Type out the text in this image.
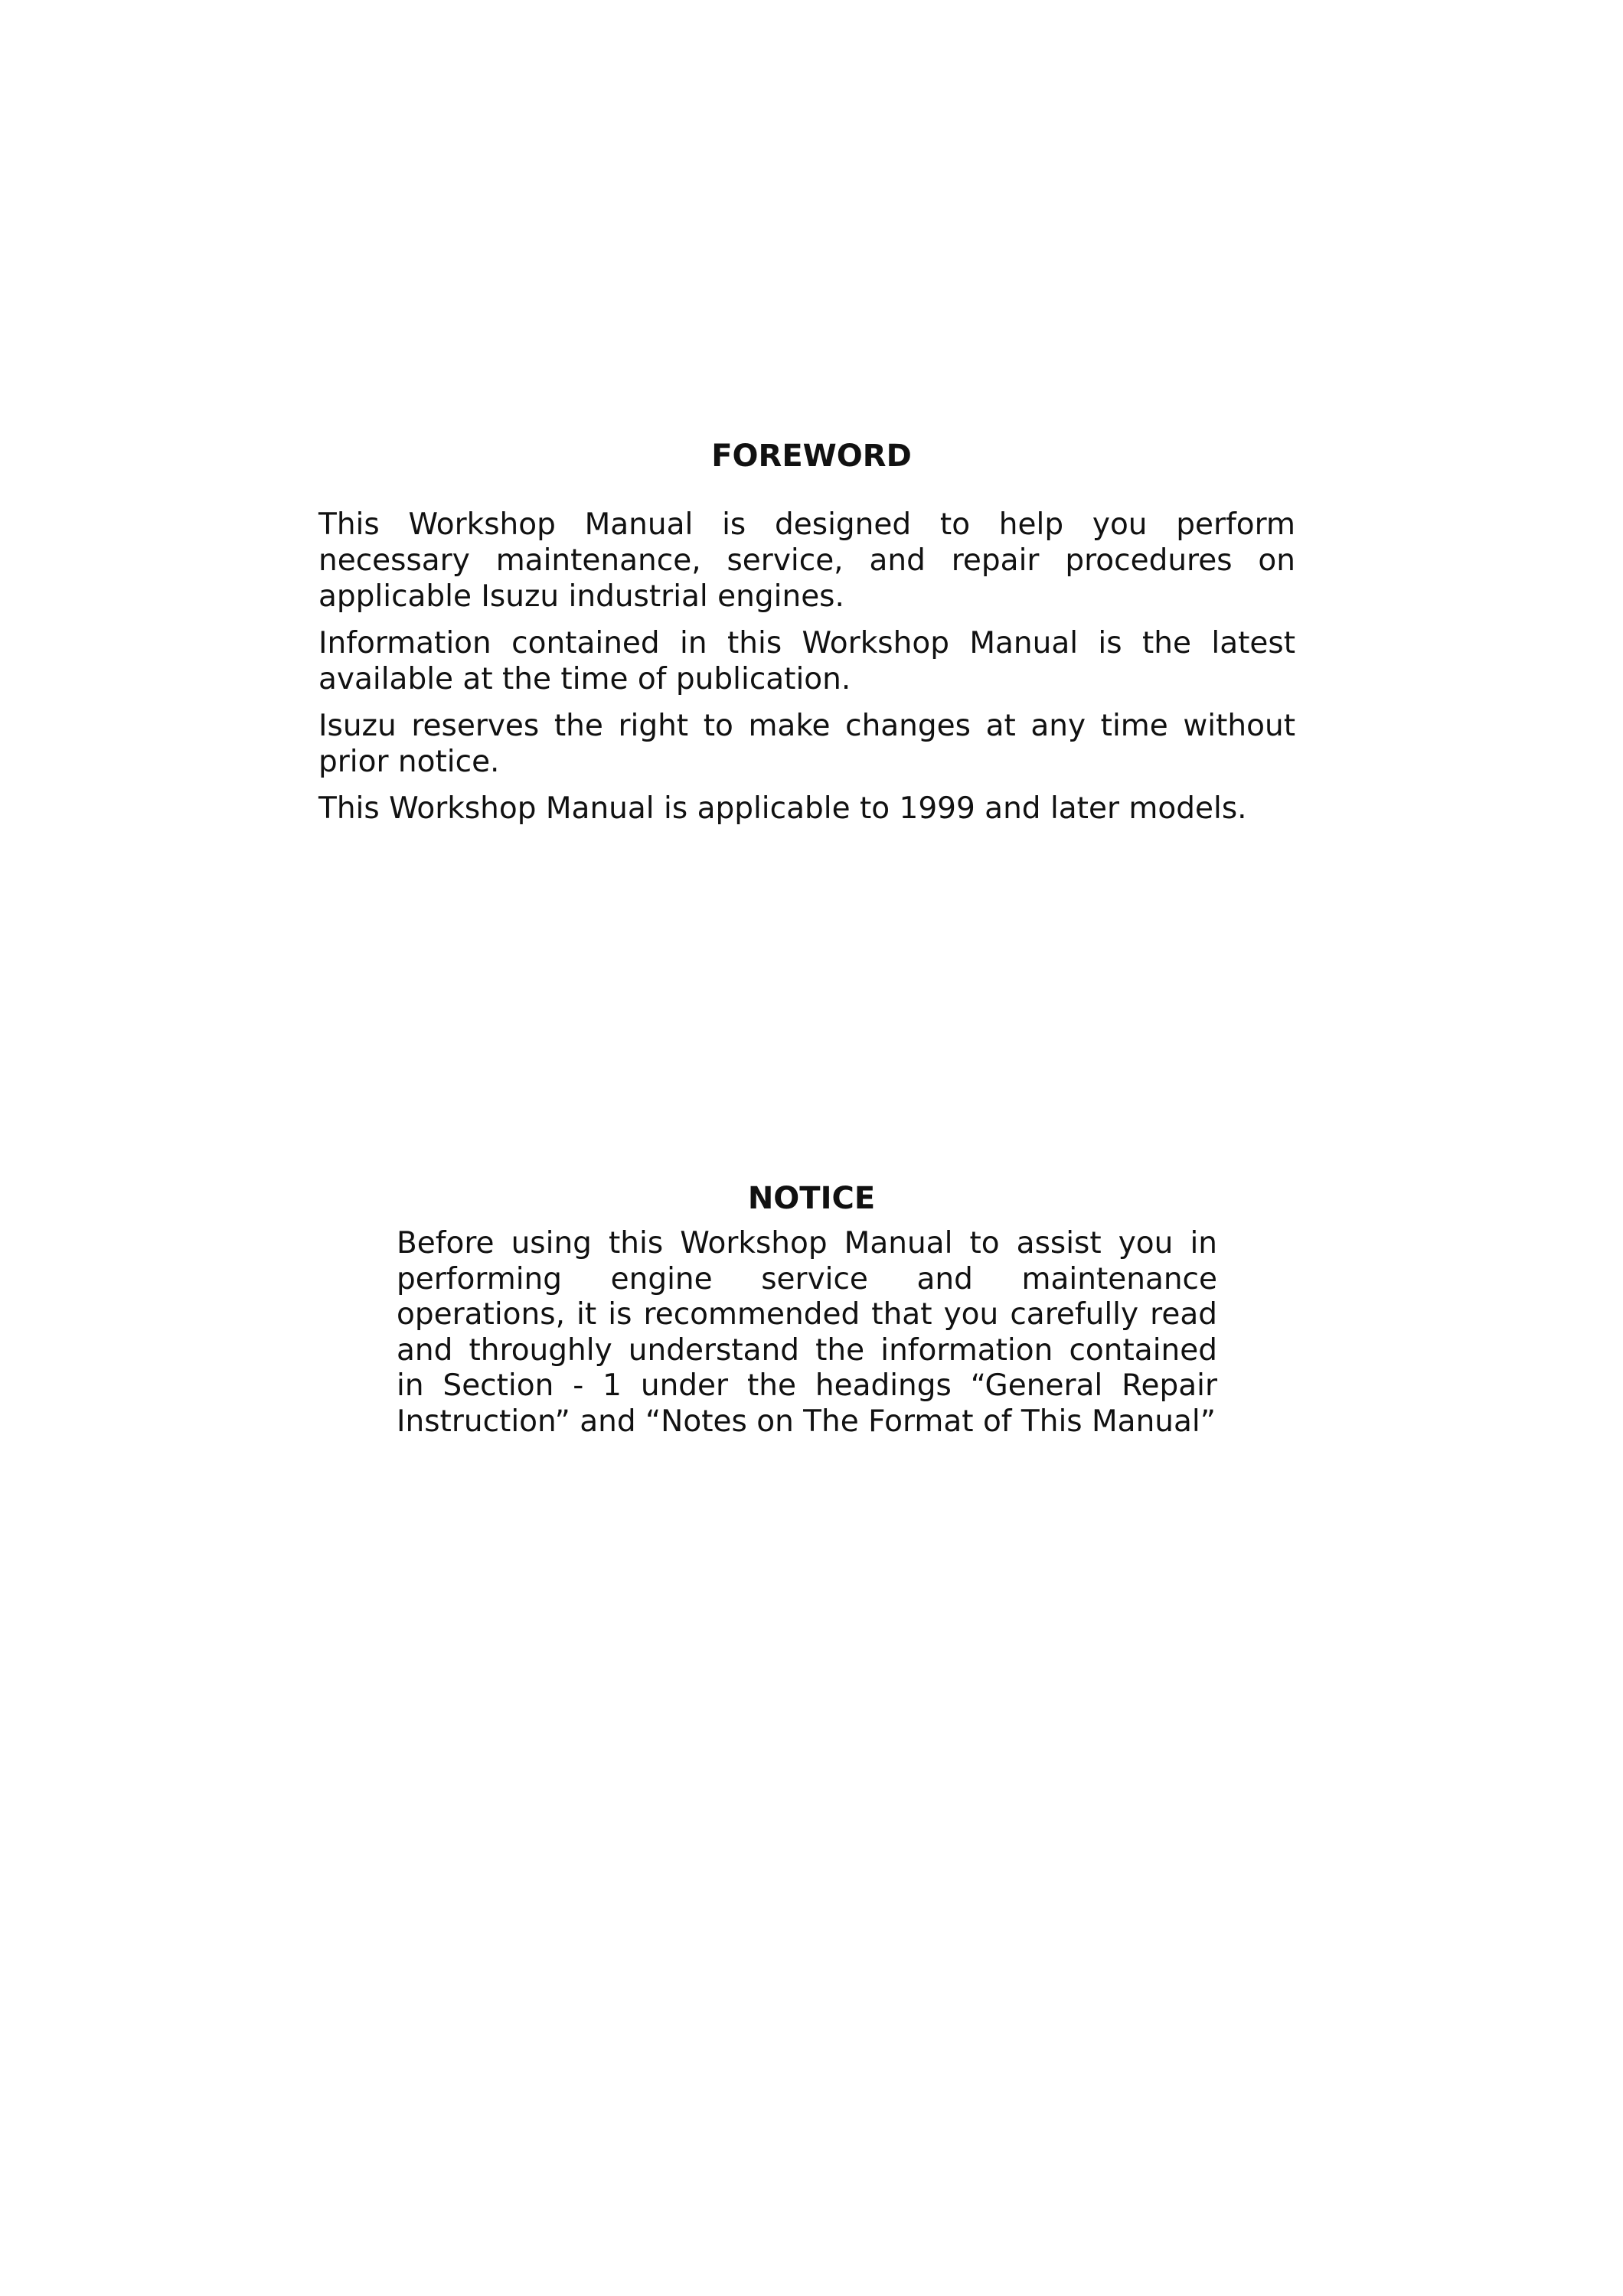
FOREWORD

This Workshop Manual is designed to help you perform necessary maintenance, service, and repair procedures on applicable Isuzu industrial engines.

Information contained in this Workshop Manual is the latest available at the time of publication.

Isuzu reserves the right to make changes at any time without prior notice.

This Workshop Manual is applicable to 1999 and later models.

NOTICE

Before using this Workshop Manual to assist you in performing engine service and maintenance operations, it is recommended that you carefully read and throughly understand the information contained in Section - 1 under the headings “General Repair Instruction” and “Notes on The Format of This Manual”
